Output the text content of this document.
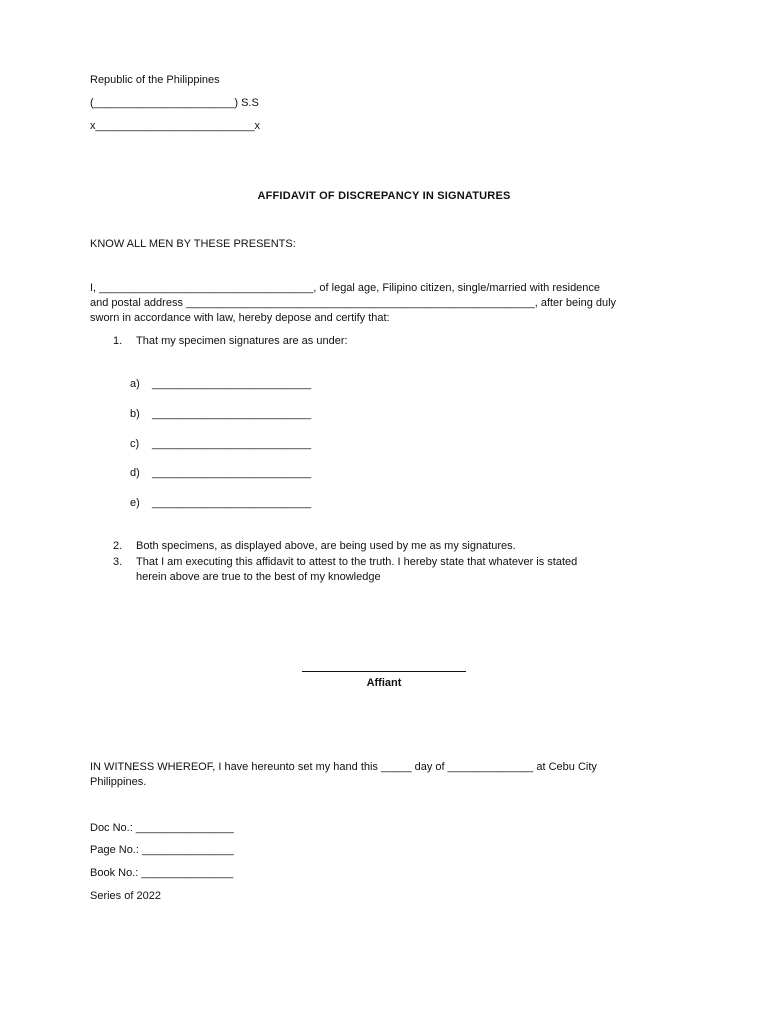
Republic of the Philippines
(_______________________) S.S
x__________________________x
AFFIDAVIT OF DISCREPANCY IN SIGNATURES
KNOW ALL MEN BY THESE PRESENTS:
I, ___________________________________, of legal age, Filipino citizen, single/married with residence
and postal address _________________________________________________________, after being duly
sworn in accordance with law, hereby depose and certify that:
1. That my specimen signatures are as under:
a) __________________________
b) __________________________
c) __________________________
d) __________________________
e) __________________________
2. Both specimens, as displayed above, are being used by me as my signatures.
3. That I am executing this affidavit to attest to the truth. I hereby state that whatever is stated
herein above are true to the best of my knowledge
Affiant
IN WITNESS WHEREOF, I have hereunto set my hand this _____ day of ______________ at Cebu City
Philippines.
Doc No.: ________________
Page No.: _______________
Book No.: _______________
Series of 2022
